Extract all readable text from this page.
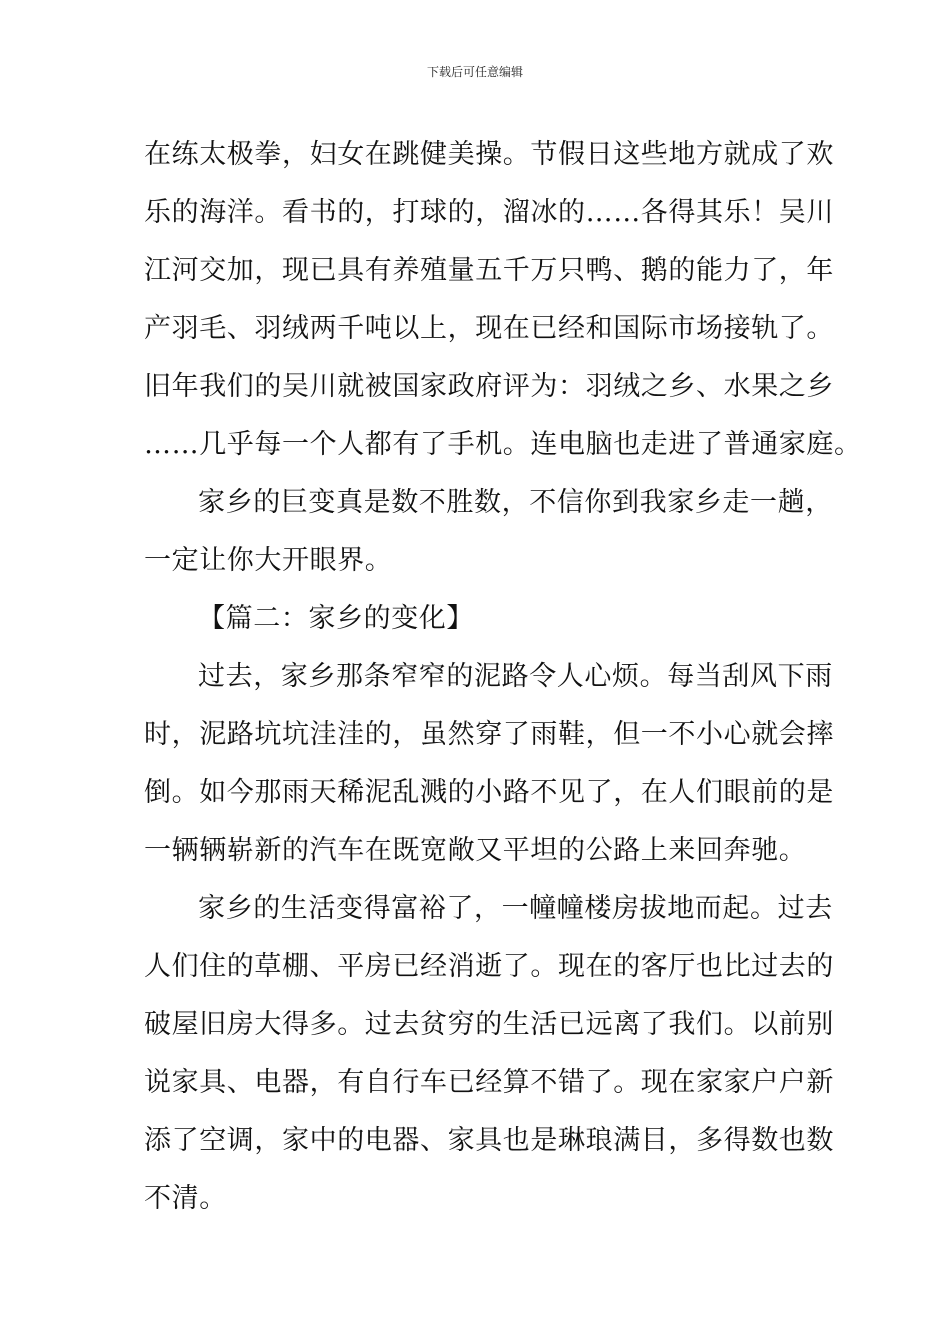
下载后可任意编辑
在练太极拳，妇女在跳健美操。节假日这些地方就成了欢
乐的海洋。看书的，打球的，溜冰的……各得其乐！吴川
江河交加，现已具有养殖量五千万只鸭、鹅的能力了，年
产羽毛、羽绒两千吨以上，现在已经和国际市场接轨了。
旧年我们的吴川就被国家政府评为：羽绒之乡、水果之乡
……几乎每一个人都有了手机。连电脑也走进了普通家庭。
家乡的巨变真是数不胜数，不信你到我家乡走一趟，
一定让你大开眼界。
【篇二：家乡的变化】
过去，家乡那条窄窄的泥路令人心烦。每当刮风下雨
时，泥路坑坑洼洼的，虽然穿了雨鞋，但一不小心就会摔
倒。如今那雨天稀泥乱溅的小路不见了，在人们眼前的是
一辆辆崭新的汽车在既宽敞又平坦的公路上来回奔驰。
家乡的生活变得富裕了，一幢幢楼房拔地而起。过去
人们住的草棚、平房已经消逝了。现在的客厅也比过去的
破屋旧房大得多。过去贫穷的生活已远离了我们。以前别
说家具、电器，有自行车已经算不错了。现在家家户户新
添了空调，家中的电器、家具也是琳琅满目，多得数也数
不清。
